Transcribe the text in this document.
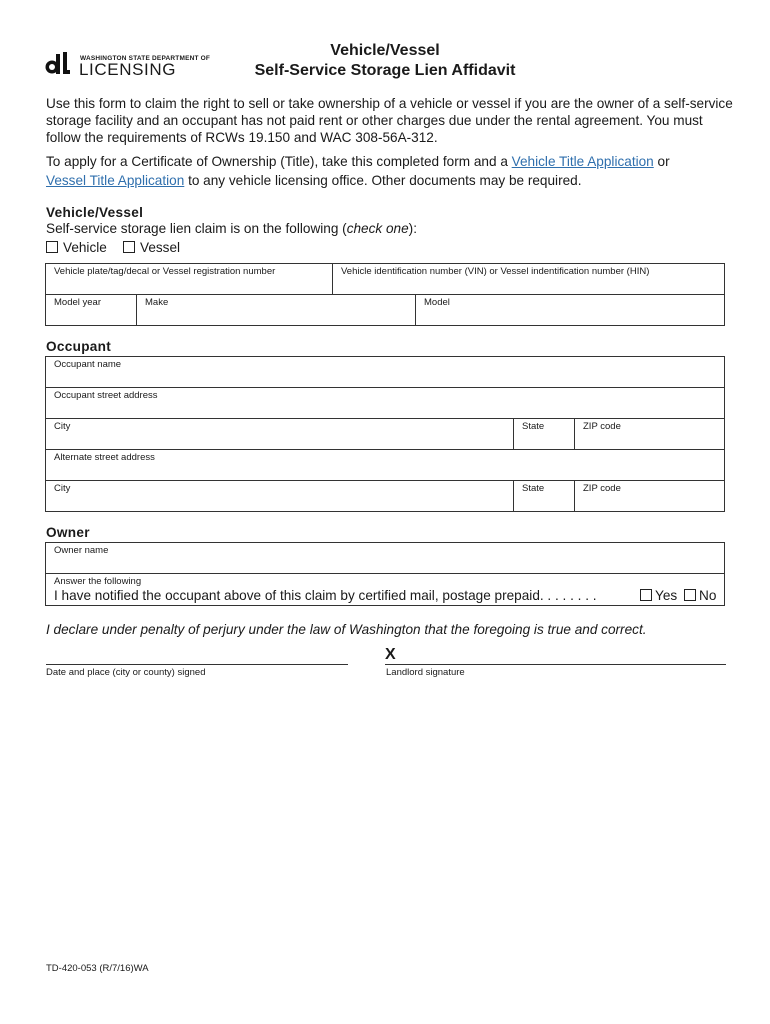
WASHINGTON STATE DEPARTMENT OF
LICENSING
Vehicle/Vessel
Self-Service Storage Lien Affidavit
Use this form to claim the right to sell or take ownership of a vehicle or vessel if you are the owner of a self-service storage facility and an occupant has not paid rent or other charges due under the rental agreement. You must follow the requirements of RCWs 19.150 and WAC 308-56A-312.
To apply for a Certificate of Ownership (Title), take this completed form and a Vehicle Title Application or
Vessel Title Application to any vehicle licensing office. Other documents may be required.
Vehicle/Vessel
Self-service storage lien claim is on the following (check one):
Vehicle	Vessel
Vehicle plate/tag/decal or Vessel registration number	Vehicle identification number (VIN) or Vessel indentification number (HIN)
Model year	Make	Model
Occupant
Occupant name
Occupant street address
City	State	ZIP code
Alternate street address
City	State	ZIP code
Owner
Owner name
Answer the following
I have notified the occupant above of this claim by certified mail, postage prepaid. . . . . . . .	Yes	No
I declare under penalty of perjury under the law of Washington that the foregoing is true and correct.
X
Date and place (city or county) signed	Landlord signature
TD-420-053 (R/7/16)WA
